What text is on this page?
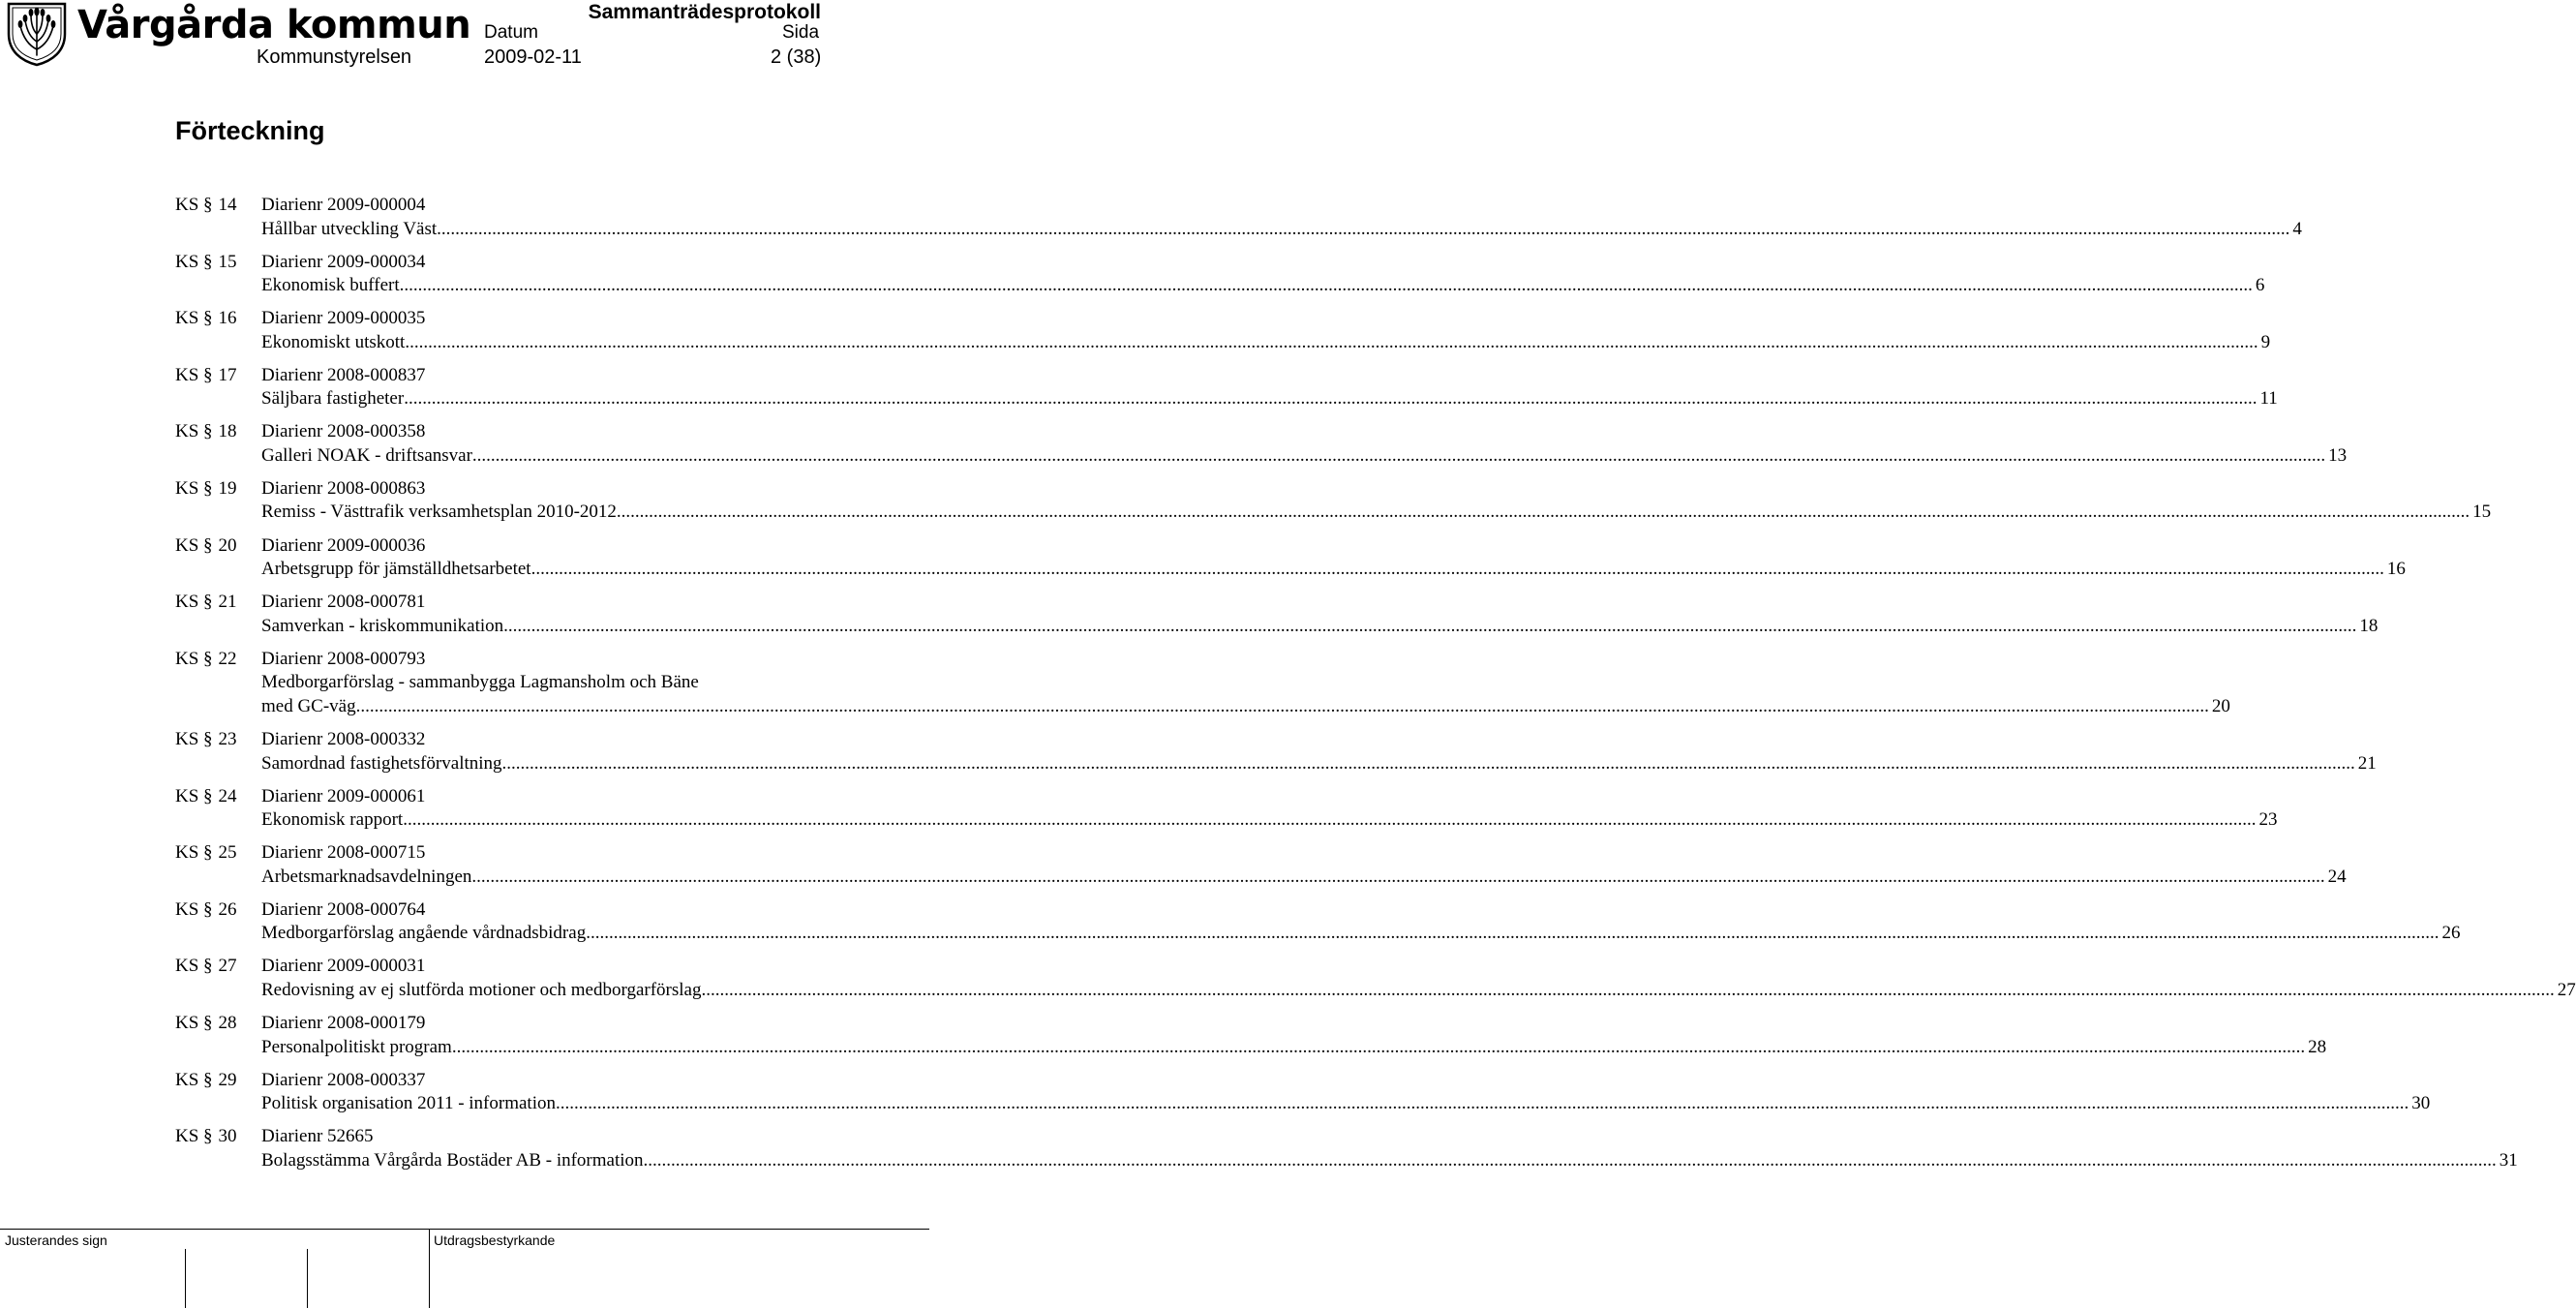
Vårgårda kommun
Kommunstyrelsen
Sammanträdesprotokoll
Datum	Sida
2009-02-11	2 (38)
Förteckning
KS § 14	Diarienr 2009-000004
Hållbar utveckling Väst .....	4
KS § 15	Diarienr 2009-000034
Ekonomisk buffert .....	6
KS § 16	Diarienr 2009-000035
Ekonomiskt utskott .....	9
KS § 17	Diarienr 2008-000837
Säljbara fastigheter .....	11
KS § 18	Diarienr 2008-000358
Galleri NOAK - driftsansvar .....	13
KS § 19	Diarienr 2008-000863
Remiss - Västtrafik verksamhetsplan 2010-2012 .....	15
KS § 20	Diarienr 2009-000036
Arbetsgrupp för jämställdhetsarbetet .....	16
KS § 21	Diarienr 2008-000781
Samverkan - kriskommunikation .....	18
KS § 22	Diarienr 2008-000793
Medborgarförslag - sammanbygga Lagmansholm och Bäne
med GC-väg .....	20
KS § 23	Diarienr 2008-000332
Samordnad fastighetsförvaltning .....	21
KS § 24	Diarienr 2009-000061
Ekonomisk rapport .....	23
KS § 25	Diarienr 2008-000715
Arbetsmarknadsavdelningen .....	24
KS § 26	Diarienr 2008-000764
Medborgarförslag angående vårdnadsbidrag .....	26
KS § 27	Diarienr 2009-000031
Redovisning av ej slutförda motioner och medborgarförslag .....	27
KS § 28	Diarienr 2008-000179
Personalpolitiskt program .....	28
KS § 29	Diarienr 2008-000337
Politisk organisation 2011 - information .....	30
KS § 30	Diarienr 52665
Bolagsstämma Vårgårda Bostäder AB - information .....	31
Justerandes sign	Utdragsbestyrkande
